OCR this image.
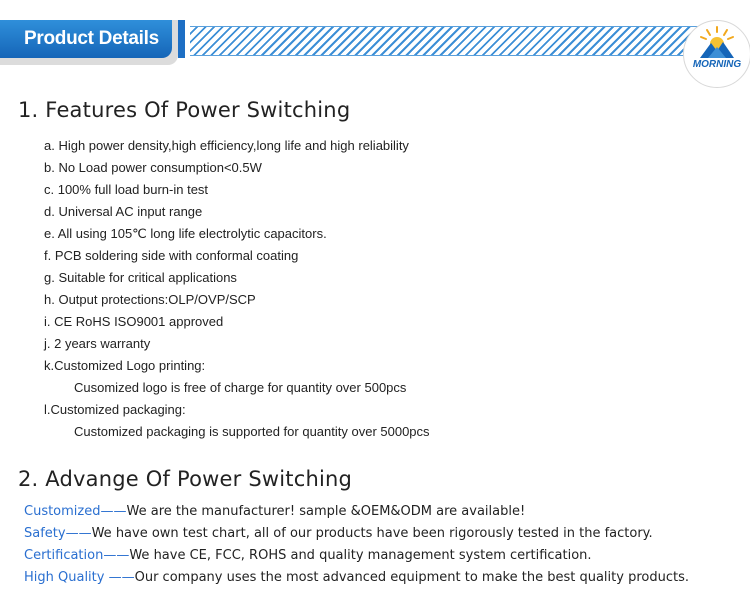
Product Details
MORNING
1. Features Of Power Switching
a. High power density,high efficiency,long life and high reliability
b. No Load power consumption<0.5W
c. 100% full load burn-in test
d. Universal AC input range
e. All using 105℃ long life electrolytic capacitors.
f. PCB soldering side with conformal coating
g. Suitable for critical applications
h. Output protections:OLP/OVP/SCP
i. CE RoHS ISO9001 approved
j. 2 years warranty
k.Customized Logo printing:
Cusomized logo is free of charge for quantity over 500pcs
l.Customized packaging:
Customized packaging is supported for quantity over 5000pcs
2. Advange Of Power Switching
Customized——We are the manufacturer! sample &OEM&ODM are available!
Safety——We have own test chart, all of our products have been rigorously tested in the factory.
Certification——We have CE, FCC, ROHS and quality management system certification.
High Quality ——Our company uses the most advanced equipment to make the best quality products.
